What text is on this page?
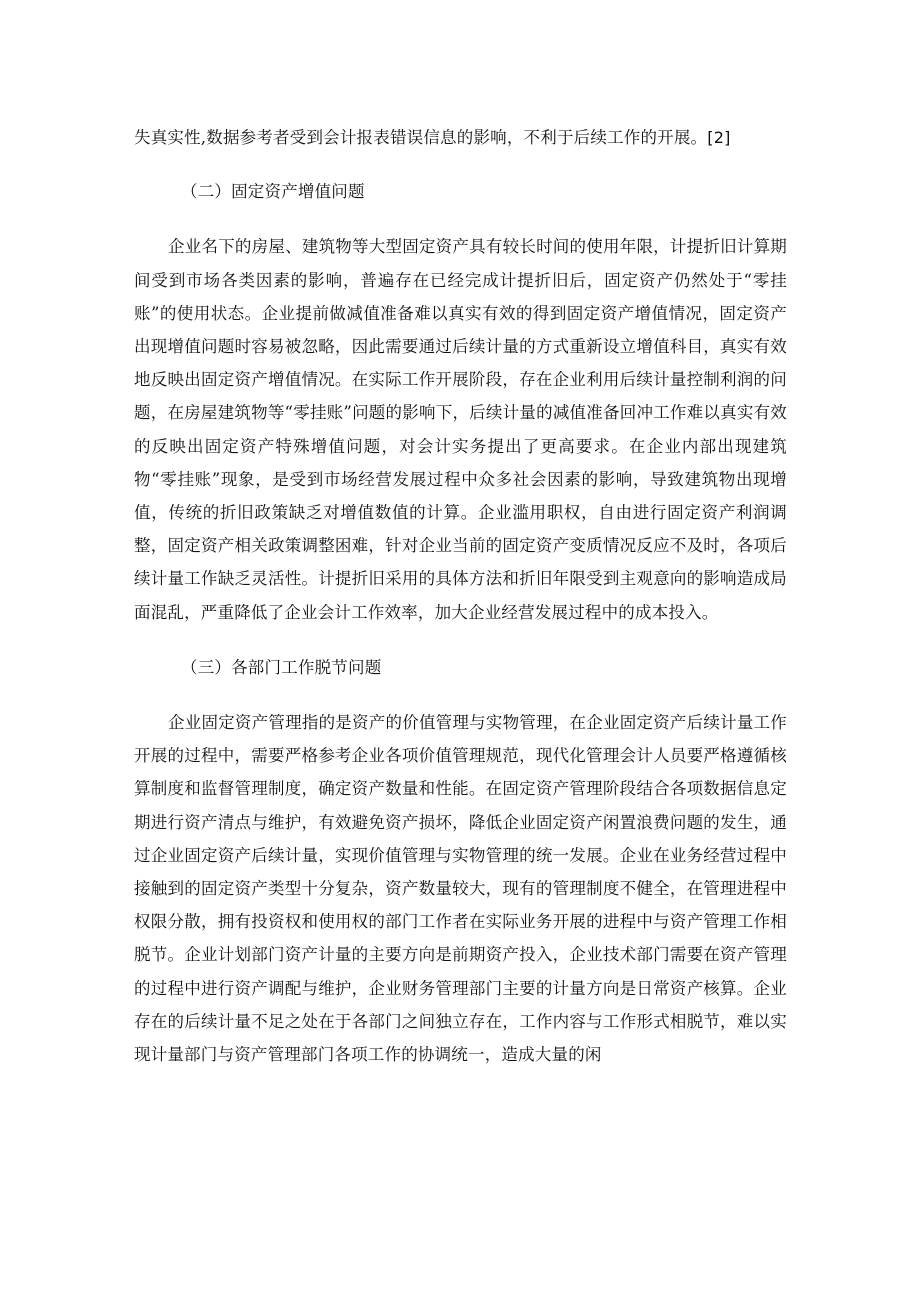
失真实性,数据参考者受到会计报表错误信息的影响，不利于后续工作的开展。[2]

（二）固定资产增值问题

企业名下的房屋、建筑物等大型固定资产具有较长时间的使用年限，计提折旧计算期间受到市场各类因素的影响，普遍存在已经完成计提折旧后，固定资产仍然处于“零挂账”的使用状态。企业提前做减值准备难以真实有效的得到固定资产增值情况，固定资产出现增值问题时容易被忽略，因此需要通过后续计量的方式重新设立增值科目，真实有效地反映出固定资产增值情况。在实际工作开展阶段，存在企业利用后续计量控制利润的问题，在房屋建筑物等“零挂账”问题的影响下，后续计量的减值准备回冲工作难以真实有效的反映出固定资产特殊增值问题，对会计实务提出了更高要求。在企业内部出现建筑物“零挂账”现象，是受到市场经营发展过程中众多社会因素的影响，导致建筑物出现增值，传统的折旧政策缺乏对增值数值的计算。企业滥用职权，自由进行固定资产利润调整，固定资产相关政策调整困难，针对企业当前的固定资产变质情况反应不及时，各项后续计量工作缺乏灵活性。计提折旧采用的具体方法和折旧年限受到主观意向的影响造成局面混乱，严重降低了企业会计工作效率，加大企业经营发展过程中的成本投入。

（三）各部门工作脱节问题

企业固定资产管理指的是资产的价值管理与实物管理，在企业固定资产后续计量工作开展的过程中，需要严格参考企业各项价值管理规范，现代化管理会计人员要严格遵循核算制度和监督管理制度，确定资产数量和性能。在固定资产管理阶段结合各项数据信息定期进行资产清点与维护，有效避免资产损坏，降低企业固定资产闲置浪费问题的发生，通过企业固定资产后续计量，实现价值管理与实物管理的统一发展。企业在业务经营过程中接触到的固定资产类型十分复杂，资产数量较大，现有的管理制度不健全，在管理进程中权限分散，拥有投资权和使用权的部门工作者在实际业务开展的进程中与资产管理工作相脱节。企业计划部门资产计量的主要方向是前期资产投入，企业技术部门需要在资产管理的过程中进行资产调配与维护，企业财务管理部门主要的计量方向是日常资产核算。企业存在的后续计量不足之处在于各部门之间独立存在，工作内容与工作形式相脱节，难以实现计量部门与资产管理部门各项工作的协调统一，造成大量的闲
